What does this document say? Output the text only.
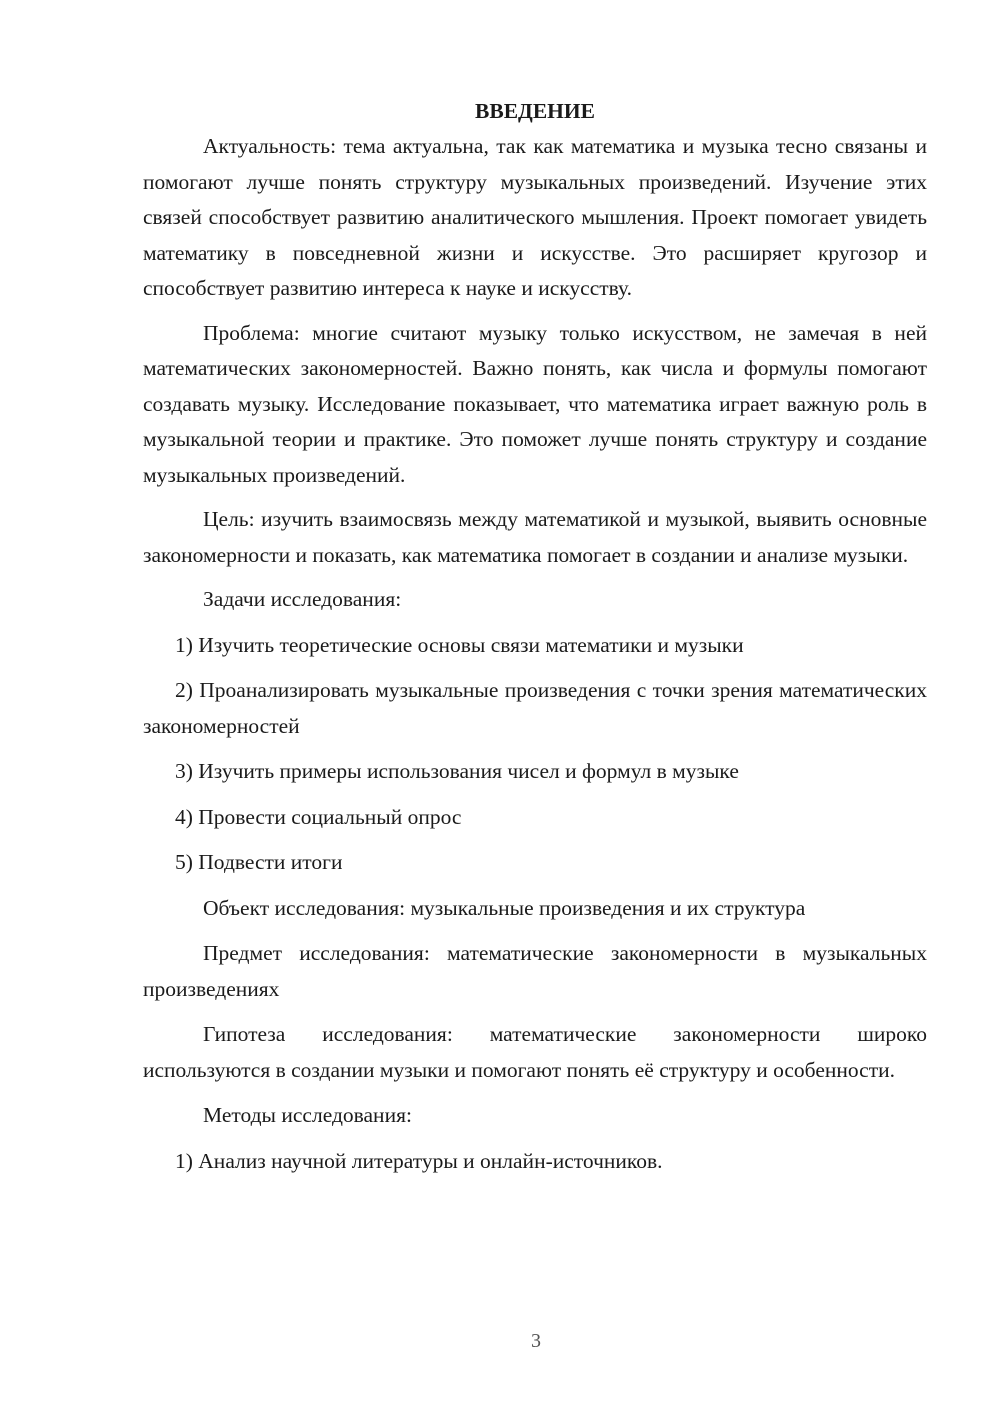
ВВЕДЕНИЕ

Актуальность: тема актуальна, так как математика и музыка тесно связаны и помогают лучше понять структуру музыкальных произведений. Изучение этих связей способствует развитию аналитического мышления. Проект помогает увидеть математику в повседневной жизни и искусстве. Это расширяет кругозор и способствует развитию интереса к науке и искусству.

Проблема: многие считают музыку только искусством, не замечая в ней математических закономерностей. Важно понять, как числа и формулы помогают создавать музыку. Исследование показывает, что математика играет важную роль в музыкальной теории и практике. Это поможет лучше понять структуру и создание музыкальных произведений.

Цель: изучить взаимосвязь между математикой и музыкой, выявить основные закономерности и показать, как математика помогает в создании и анализе музыки.

Задачи исследования:

1) Изучить теоретические основы связи математики и музыки

2) Проанализировать музыкальные произведения с точки зрения математических закономерностей

3) Изучить примеры использования чисел и формул в музыке

4) Провести социальный опрос

5) Подвести итоги

Объект исследования: музыкальные произведения и их структура

Предмет исследования: математические закономерности в музыкальных произведениях

Гипотеза исследования: математические закономерности широко используются в создании музыки и помогают понять её структуру и особенности.

Методы исследования:

1) Анализ научной литературы и онлайн-источников.

3
